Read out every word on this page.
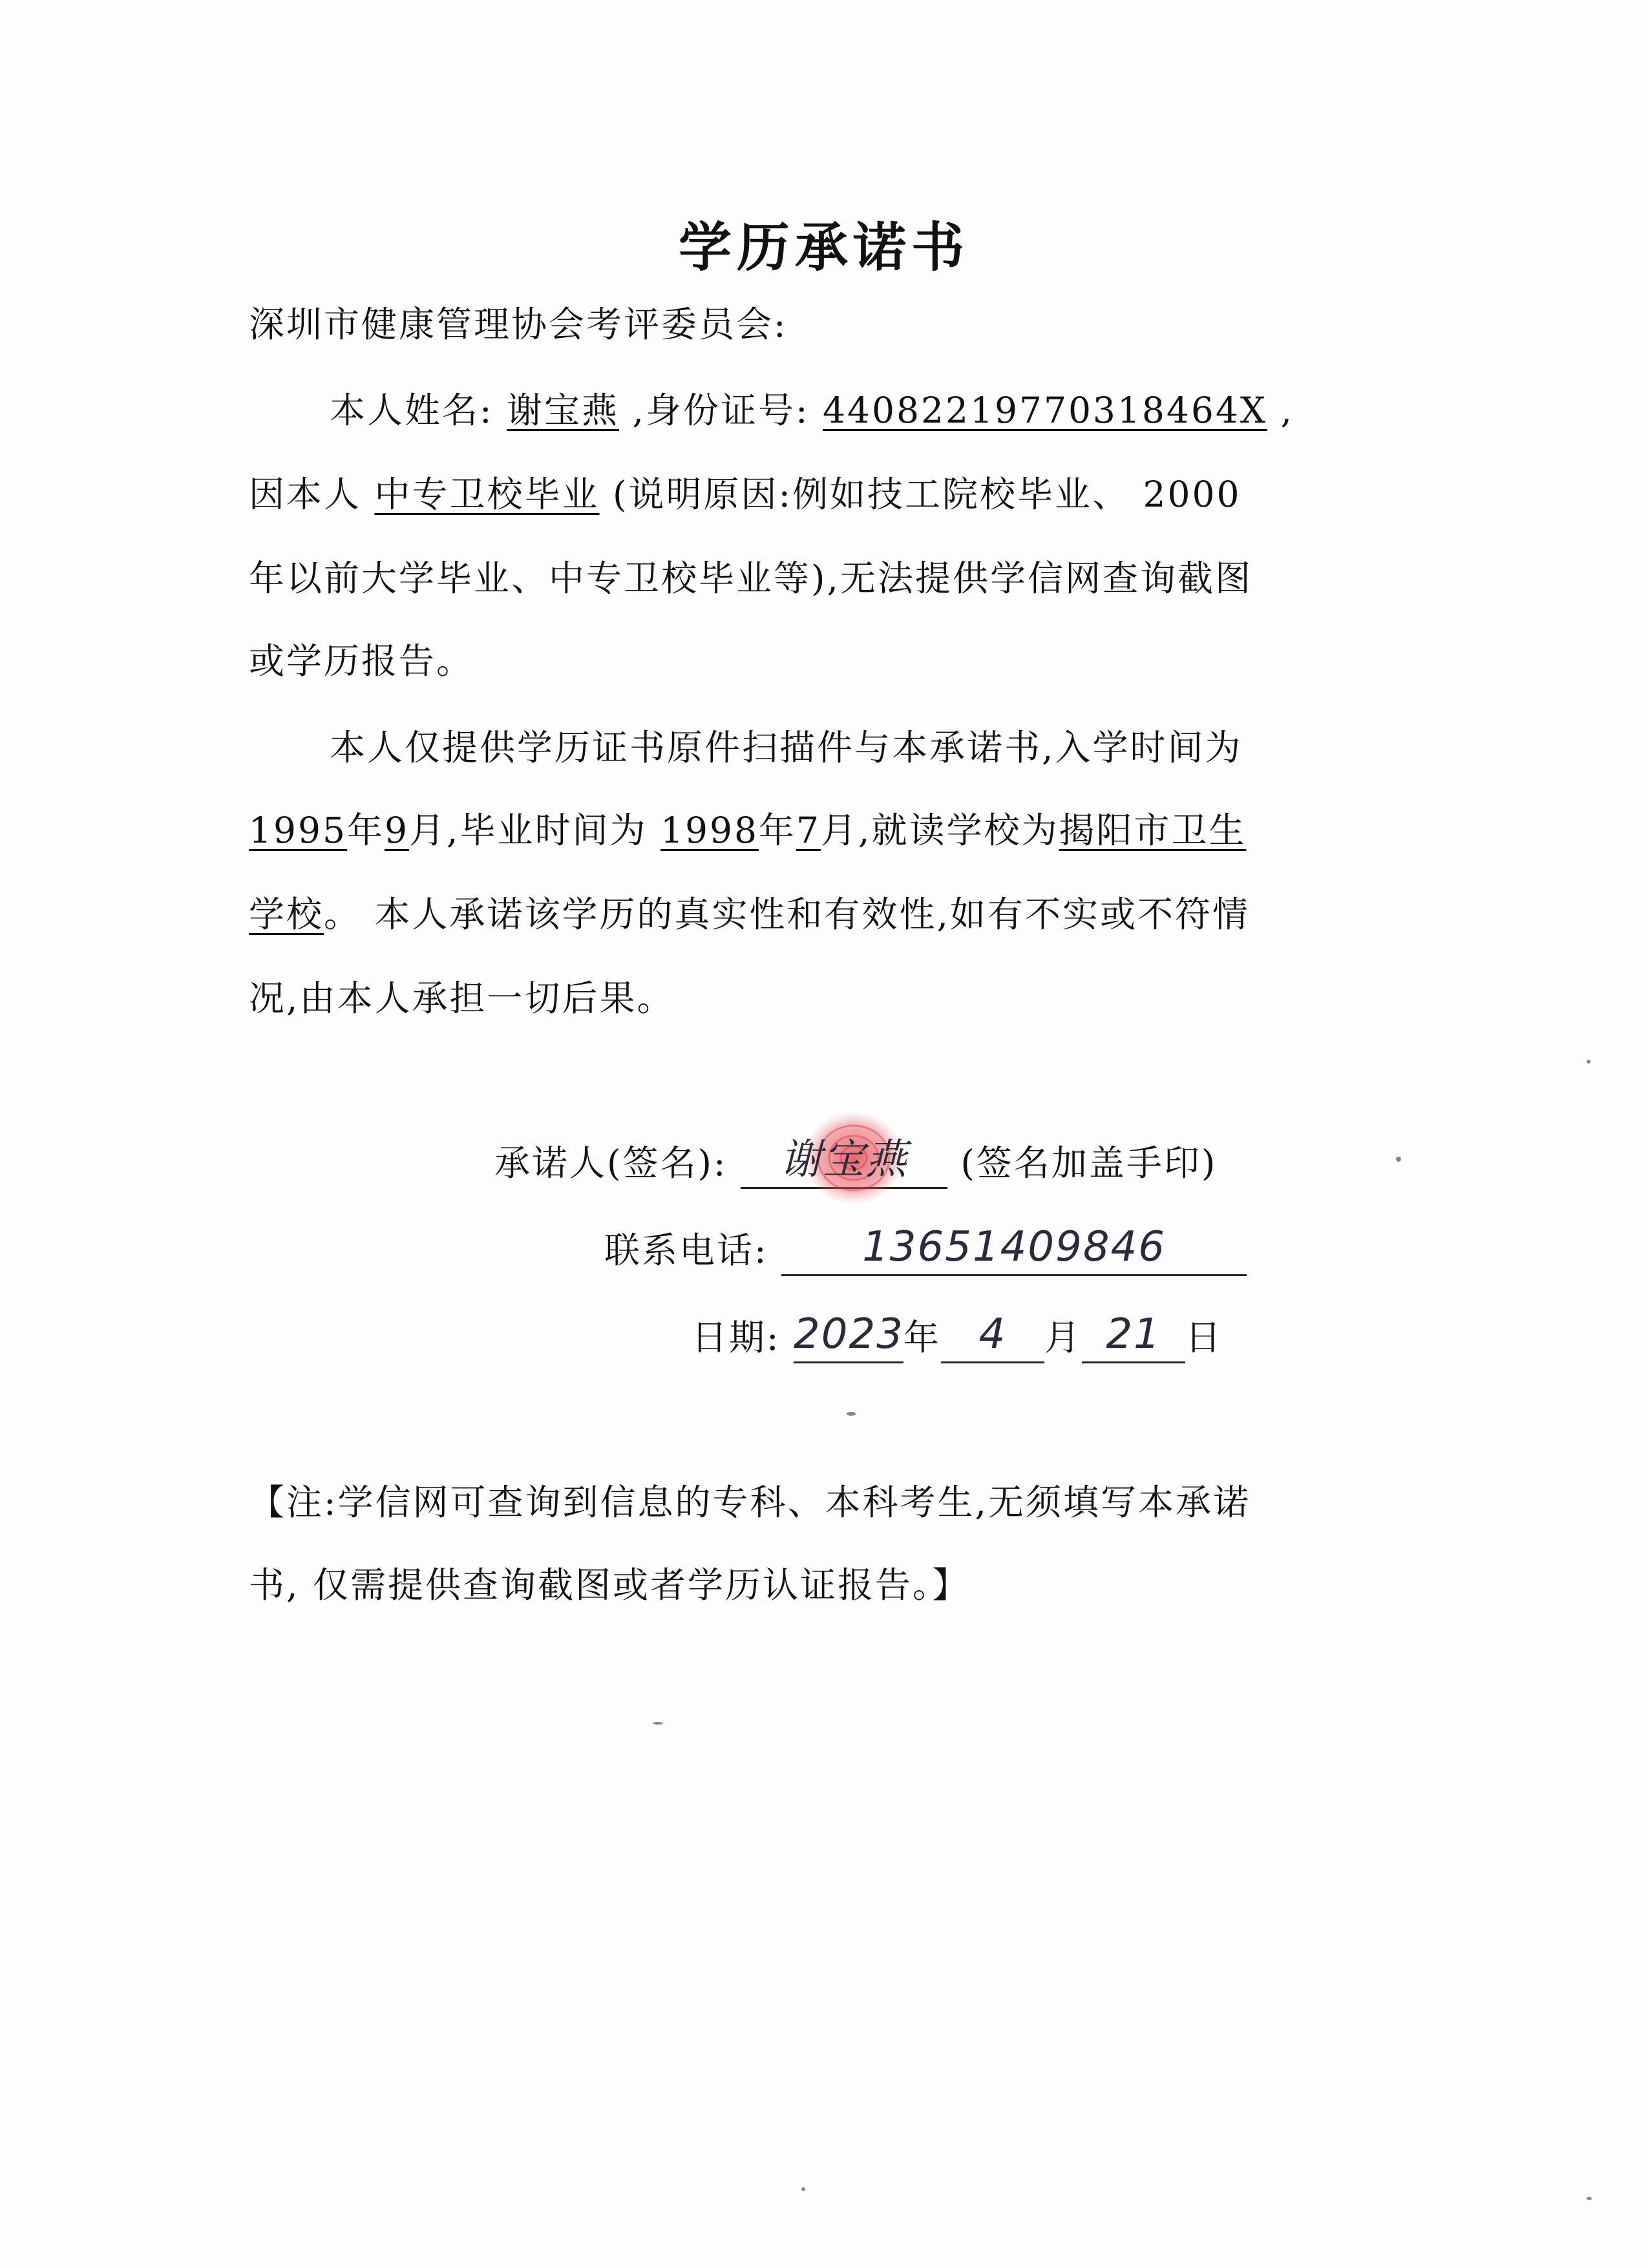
学历承诺书
深圳市健康管理协会考评委员会:
本人姓名: 谢宝燕 ,身份证号: 44082219770318464X ,
因本人 中专卫校毕业 (说明原因:例如技工院校毕业、 2000
年以前大学毕业、中专卫校毕业等),无法提供学信网查询截图
或学历报告。
本人仅提供学历证书原件扫描件与本承诺书,入学时间为
1995年9月,毕业时间为 1998年7月,就读学校为揭阳市卫生
学校。 本人承诺该学历的真实性和有效性,如有不实或不符情
况,由本人承担一切后果。
承诺人(签名):	谢宝燕	(签名加盖手印)
联系电话:	13651409846
日期: 2023 年 4	月 21 日
【注:学信网可查询到信息的专科、本科考生,无须填写本承诺
书, 仅需提供查询截图或者学历认证报告。】
